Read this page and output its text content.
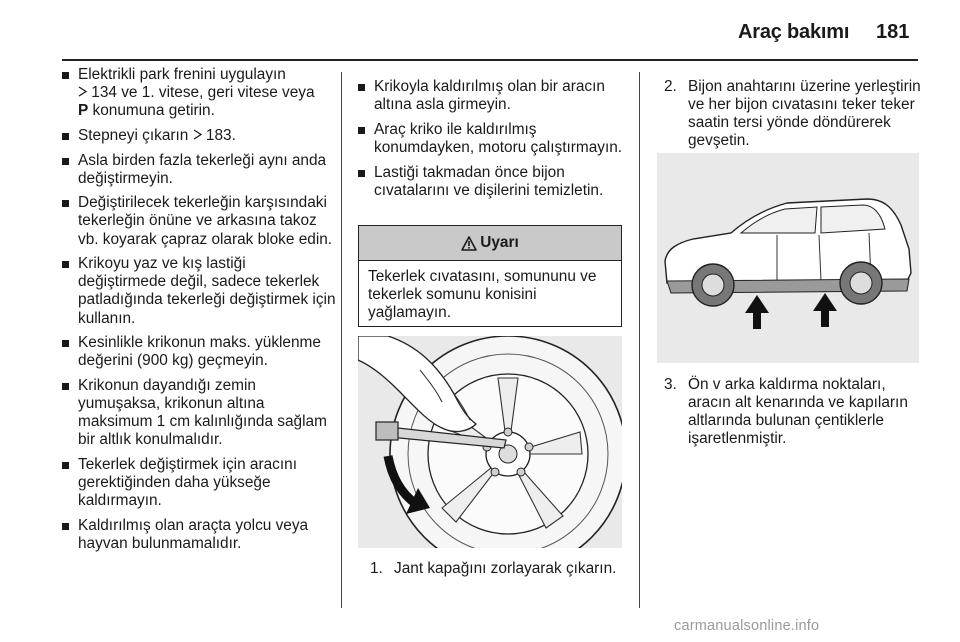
Araç bakımı 181
Elektrikli park frenini uygulayın
134 ve 1. vitese, geri vitese veya
P konumuna getirin.
Stepneyi çıkarın  183.
Asla birden fazla tekerleği aynı anda değiştirmeyin.
Değiştirilecek tekerleğin karşısındaki tekerleğin önüne ve arkasına takoz vb. koyarak çapraz olarak bloke edin.
Krikoyu yaz ve kış lastiği değiştirmede değil, sadece tekerlek patladığında tekerleği değiştirmek için kullanın.
Kesinlikle krikonun maks. yüklenme değerini (900 kg) geçmeyin.
Krikonun dayandığı zemin yumuşaksa, krikonun altına maksimum 1 cm kalınlığında sağlam bir altlık konulmalıdır.
Tekerlek değiştirmek için aracını gerektiğinden daha yükseğe kaldırmayın.
Kaldırılmış olan araçta yolcu veya hayvan bulunmamalıdır.
Krikoyla kaldırılmış olan bir aracın altına asla girmeyin.
Araç kriko ile kaldırılmış konumdayken, motoru çalıştırmayın.
Lastiği takmadan önce bijon cıvatalarını ve dişilerini temizletin.
Uyarı
Tekerlek cıvatasını, somununu ve tekerlek somunu konisini yağlamayın.
1. Jant kapağını zorlayarak çıkarın.
2. Bijon anahtarını üzerine yerleştirin ve her bijon cıvatasını teker teker saatin tersi yönde döndürerek gevşetin.
3. Ön v arka kaldırma noktaları, aracın alt kenarında ve kapıların altlarında bulunan çentiklerle işaretlenmiştir.
carmanualsonline.info
